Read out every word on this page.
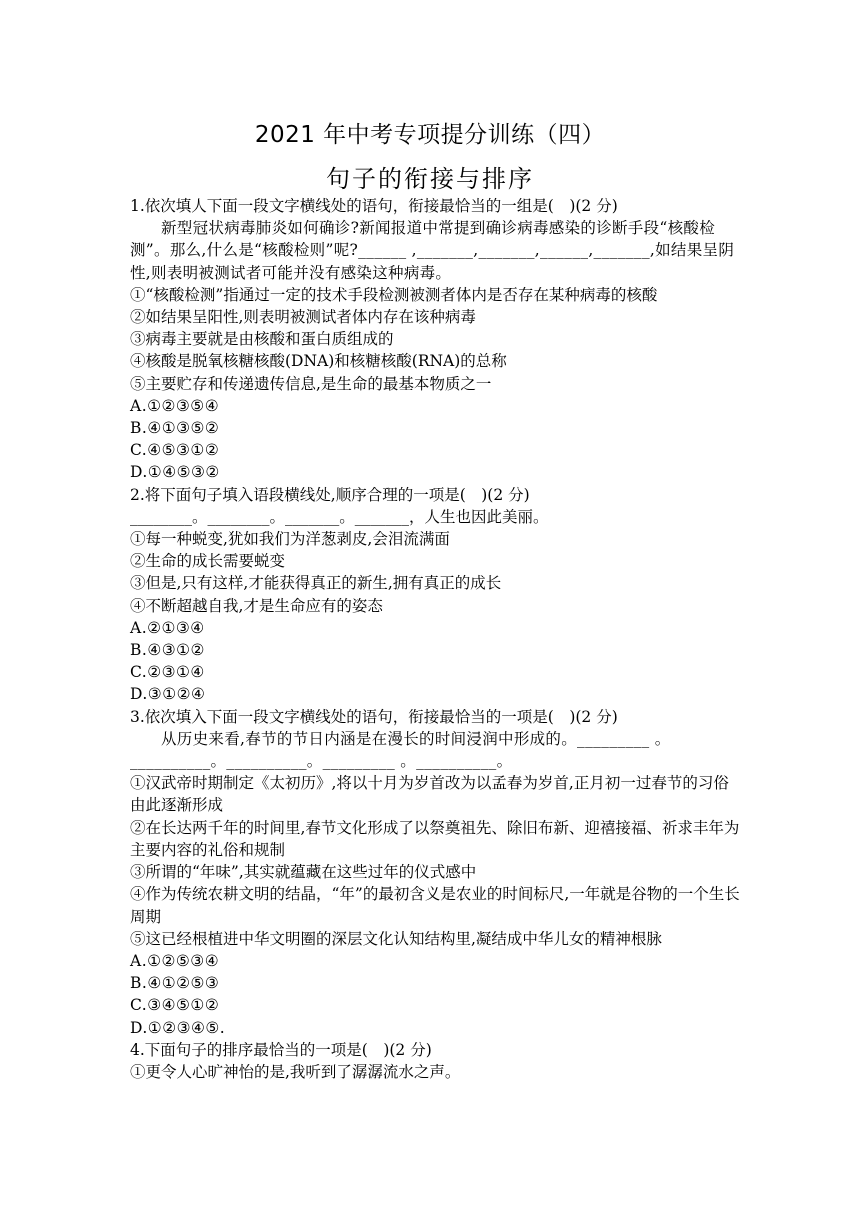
2021 年中考专项提分训练（四）
句子的衔接与排序

1.依次填人下面一段文字横线处的语句，衔接最恰当的一组是(　)(2 分)

新型冠状病毒肺炎如何确诊?新闻报道中常提到确诊病毒感染的诊断手段“核酸检测”。那么,什么是“核酸检则”呢?______ ,_______,_______,______,_______,如结果呈阴性,则表明被测试者可能并没有感染这种病毒。

①“核酸检测”指通过一定的技术手段检测被测者体内是否存在某种病毒的核酸

②如结果呈阳性,则表明被测试者体内存在该种病毒

③病毒主要就是由核酸和蛋白质组成的

④核酸是脱氧核糖核酸(DNA)和核糖核酸(RNA)的总称

⑤主要贮存和传递遗传信息,是生命的最基本物质之一

A.①②③⑤④

B.④①③⑤②

C.④⑤③①②

D.①④⑤③②

2.将下面句子填入语段横线处,顺序合理的一项是(　)(2 分)

________。________。_______。_______，人生也因此美丽。

①每一种蜕变,犹如我们为洋葱剥皮,会泪流满面

②生命的成长需要蜕变

③但是,只有这样,才能获得真正的新生,拥有真正的成长

④不断超越自我,才是生命应有的姿态

A.②①③④

B.④③①②

C.②③①④

D.③①②④

3.依次填入下面一段文字横线处的语句，衔接最恰当的一项是(　)(2 分)

从历史来看,春节的节日内涵是在漫长的时间浸润中形成的。_________ 。__________。__________。_________ 。__________。

①汉武帝时期制定《太初历》,将以十月为岁首改为以孟春为岁首,正月初一过春节的习俗由此逐渐形成

②在长达两千年的时间里,春节文化形成了以祭奠祖先、除旧布新、迎禧接福、祈求丰年为主要内容的礼俗和规制

③所谓的“年味”,其实就蕴藏在这些过年的仪式感中

④作为传统农耕文明的结晶，“年”的最初含义是农业的时间标尺,一年就是谷物的一个生长周期

⑤这已经根植进中华文明圈的深层文化认知结构里,凝结成中华儿女的精神根脉

A.①②⑤③④

B.④①②⑤③

C.③④⑤①②

D.①②③④⑤.

4.下面句子的排序最恰当的一项是(　)(2 分)

①更令人心旷神怡的是,我听到了潺潺流水之声。
